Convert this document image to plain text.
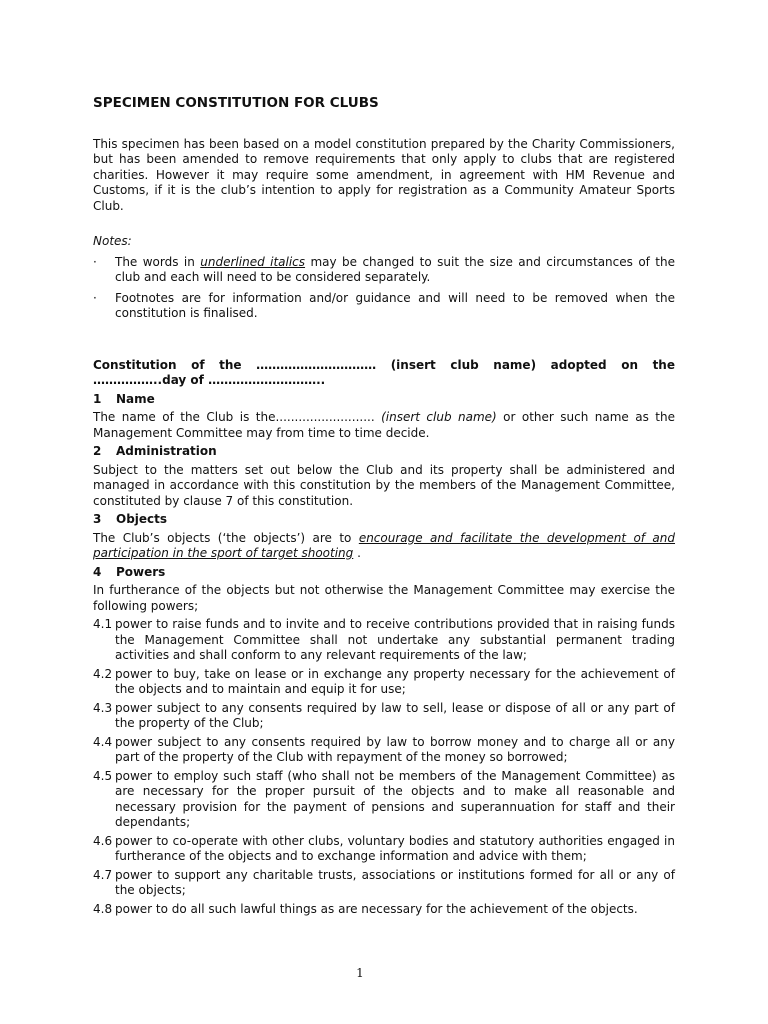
SPECIMEN CONSTITUTION FOR CLUBS

This specimen has been based on a model constitution prepared by the Charity Commissioners, but has been amended to remove requirements that only apply to clubs that are registered charities. However it may require some amendment, in agreement with HM Revenue and Customs, if it is the club’s intention to apply for registration as a Community Amateur Sports Club.

Notes:
·	The words in underlined italics may be changed to suit the size and circumstances of the club and each will need to be considered separately.
·	Footnotes are for information and/or guidance and will need to be removed when the constitution is finalised.

Constitution of the ………………………… (insert club name) adopted on the ……………..day of ………………………..

1	Name

The name of the Club is the.......................... (insert club name) or other such name as the Management Committee may from time to time decide.

2	Administration

Subject to the matters set out below the Club and its property shall be administered and managed in accordance with this constitution by the members of the Management Committee, constituted by clause 7 of this constitution.

3	Objects

The Club’s objects (‘the objects’) are to encourage and facilitate the development of and participation in the sport of target shooting .

4	Powers

In furtherance of the objects but not otherwise the Management Committee may exercise the following powers;

4.1 power to raise funds and to invite and to receive contributions provided that in raising funds the Management Committee shall not undertake any substantial permanent trading activities and shall conform to any relevant requirements of the law;
4.2 power to buy, take on lease or in exchange any property necessary for the achievement of the objects and to maintain and equip it for use;
4.3 power subject to any consents required by law to sell, lease or dispose of all or any part of the property of the Club;
4.4 power subject to any consents required by law to borrow money and to charge all or any part of the property of the Club with repayment of the money so borrowed;
4.5 power to employ such staff (who shall not be members of the Management Committee) as are necessary for the proper pursuit of the objects and to make all reasonable and necessary provision for the payment of pensions and superannuation for staff and their dependants;
4.6 power to co-operate with other clubs, voluntary bodies and statutory authorities engaged in furtherance of the objects and to exchange information and advice with them;
4.7 power to support any charitable trusts, associations or institutions formed for all or any of the objects;
4.8 power to do all such lawful things as are necessary for the achievement of the objects.
1
